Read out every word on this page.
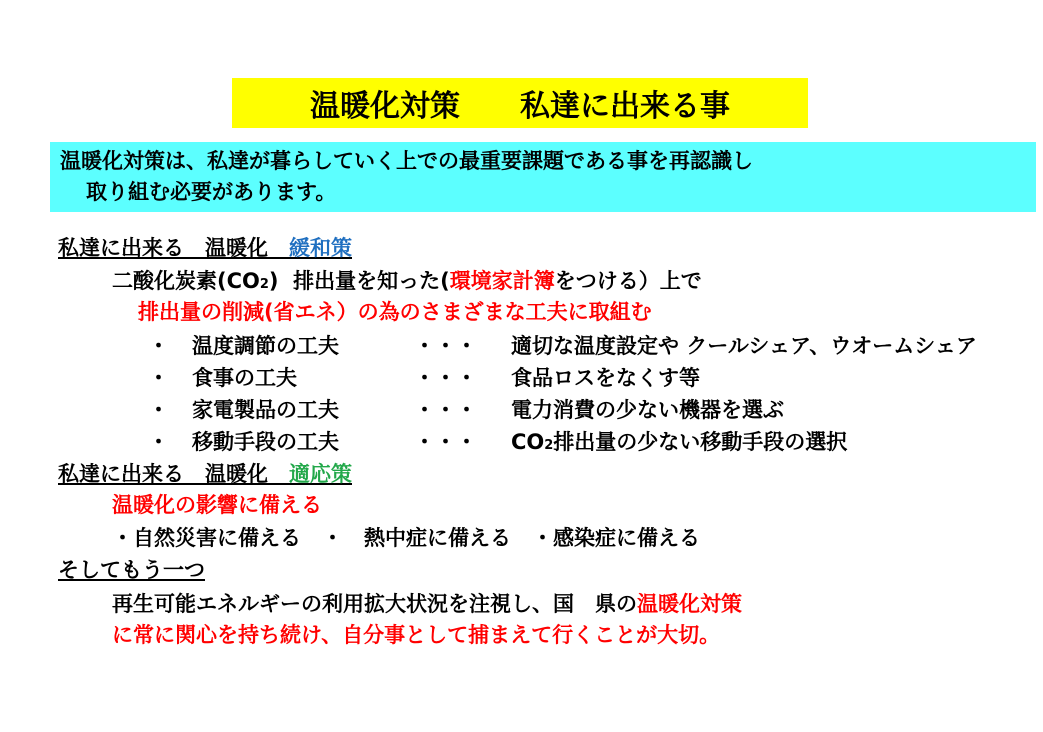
温暖化対策　　私達に出来る事
温暖化対策は、私達が暮らしていく上での最重要課題である事を再認識し
取り組む必要があります。
私達に出来る　温暖化　緩和策
二酸化炭素(CO2)  排出量を知った(環境家計簿をつける）上で
排出量の削減(省エネ）の為のさまざまな工夫に取組む
・ 温度調節の工夫	・・・ 適切な温度設定や クールシェア、ウオームシェア
・ 食事の工夫	・・・ 食品ロスをなくす等
・ 家電製品の工夫	・・・ 電力消費の少ない機器を選ぶ
・ 移動手段の工夫	・・・ CO2排出量の少ない移動手段の選択
私達に出来る　温暖化　適応策
温暖化の影響に備える
・自然災害に備える　・　熱中症に備える　・感染症に備える
そしてもう一つ
再生可能エネルギーの利用拡大状況を注視し、国　県の温暖化対策
に常に関心を持ち続け、自分事として捕まえて行くことが大切。
